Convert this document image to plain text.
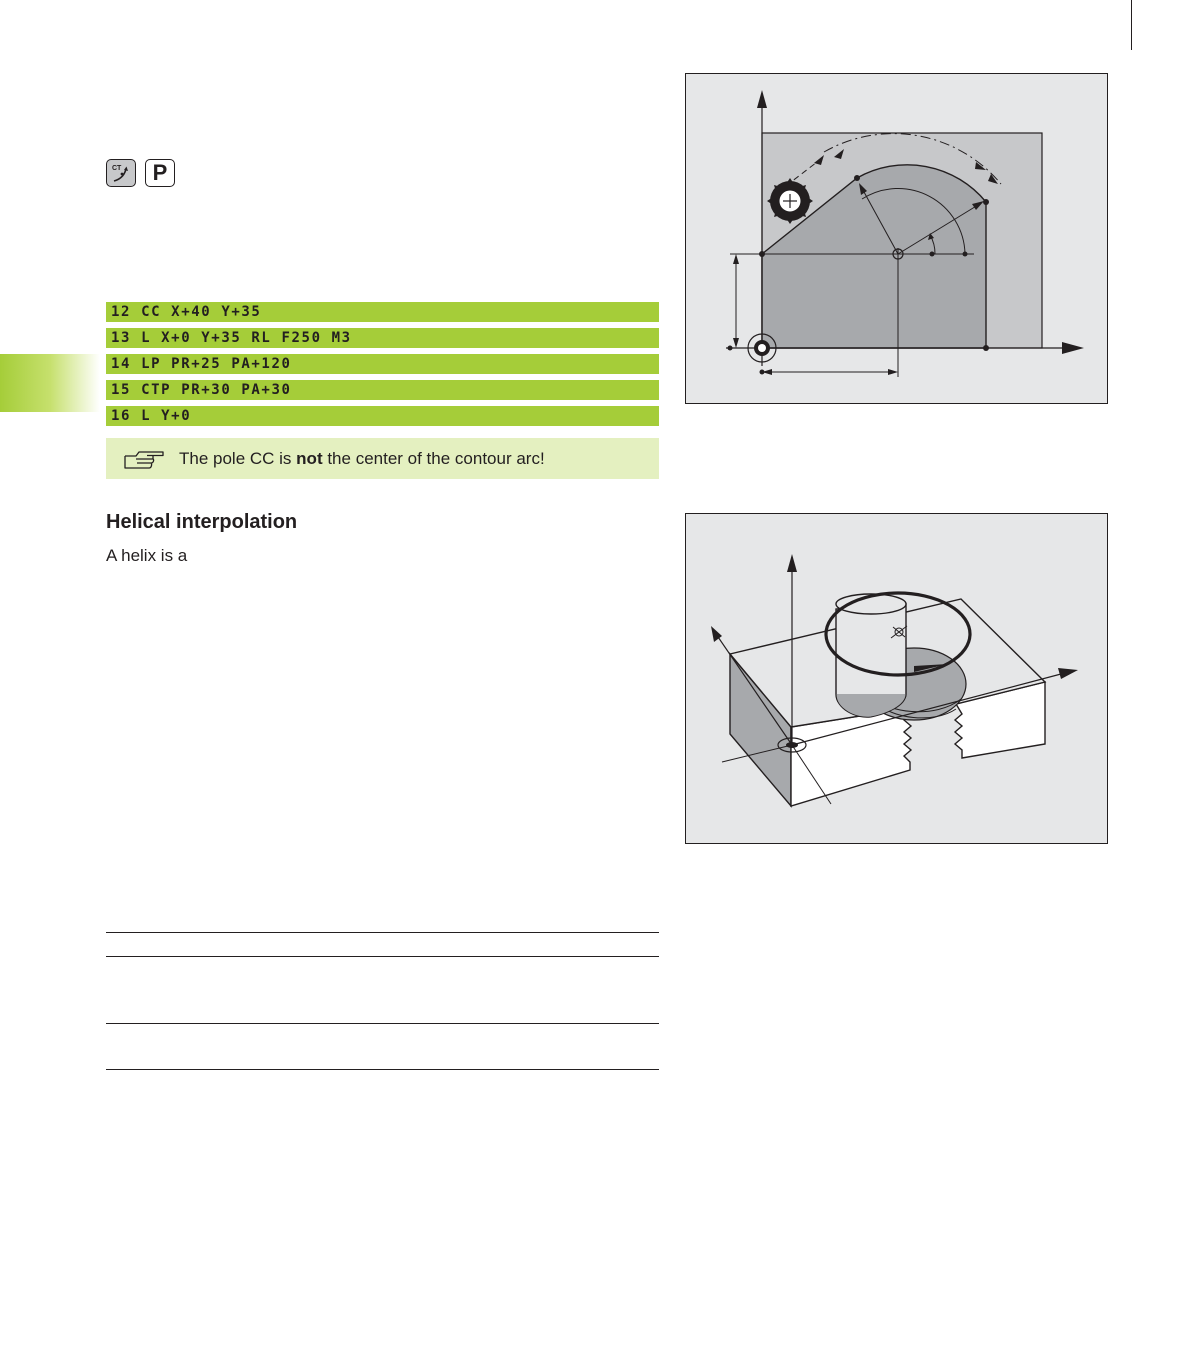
CT P
12 CC X+40 Y+35
13 L X+0 Y+35 RL F250 M3
14 LP PR+25 PA+120
15 CTP PR+30 PA+30
16 L Y+0
The pole CC is not the center of the contour arc!
Helical interpolation
A helix is a
